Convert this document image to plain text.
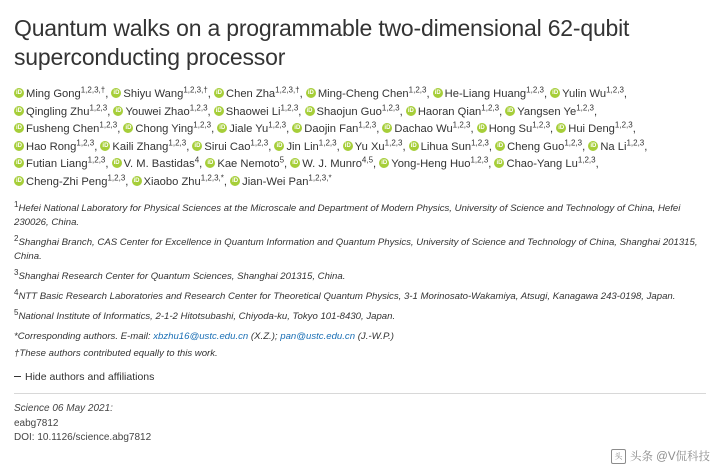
Quantum walks on a programmable two-dimensional 62-qubit superconducting processor
iDMing Gong$^{1,2,3,\dagger}$, iDShiyu Wang$^{1,2,3,\dagger}$, iDChen Zha$^{1,2,3,\dagger}$, iDMing-Cheng Chen$^{1,2,3}$, iDHe-Liang Huang$^{1,2,3}$, iDYulin Wu$^{1,2,3}$, iDQingling Zhu$^{1,2,3}$, iDYouwei Zhao$^{1,2,3}$, iDShaowei Li$^{1,2,3}$, iDShaojun Guo$^{1,2,3}$, iDHaoran Qian$^{1,2,3}$, iDYangsen Ye$^{1,2,3}$, iDFusheng Chen$^{1,2,3}$, iDChong Ying$^{1,2,3}$, iDJiale Yu$^{1,2,3}$, iDDaojin Fan$^{1,2,3}$, iDDachao Wu$^{1,2,3}$, iDHong Su$^{1,2,3}$, iDHui Deng$^{1,2,3}$, iDHao Rong$^{1,2,3}$, iDKaili Zhang$^{1,2,3}$, iDSirui Cao$^{1,2,3}$, iDJin Lin$^{1,2,3}$, iDYu Xu$^{1,2,3}$, iDLihua Sun$^{1,2,3}$, iDCheng Guo$^{1,2,3}$, iDNa Li$^{1,2,3}$, iDFutian Liang$^{1,2,3}$, iDV. M. Bastidas$^4$, iDKae Nemoto$^5$, iDW. J. Munro$^{4,5}$, iDYong-Heng Huo$^{1,2,3}$, iDChao-Yang Lu$^{1,2,3}$, iDCheng-Zhi Peng$^{1,2,3}$, iDXiaobo Zhu$^{1,2,3,*}$, iDJian-Wei Pan$^{1,2,3,*}$
$^1$Hefei National Laboratory for Physical Sciences at the Microscale and Department of Modern Physics, University of Science and Technology of China, Hefei 230026, China.
$^2$Shanghai Branch, CAS Center for Excellence in Quantum Information and Quantum Physics, University of Science and Technology of China, Shanghai 201315, China.
$^3$Shanghai Research Center for Quantum Sciences, Shanghai 201315, China.
$^4$NTT Basic Research Laboratories and Research Center for Theoretical Quantum Physics, 3-1 Morinosato-Wakamiya, Atsugi, Kanagawa 243-0198, Japan.
$^5$National Institute of Informatics, 2-1-2 Hitotsubashi, Chiyoda-ku, Tokyo 101-8430, Japan.
*Corresponding authors. E-mail: xbzhu16@ustc.edu.cn (X.Z.); pan@ustc.edu.cn (J.-W.P.)
†These authors contributed equally to this work.
Hide authors and affiliations
Science 06 May 2021:
eabg7812
DOI: 10.1126/science.abg7812
头 头条 @V侃科技
